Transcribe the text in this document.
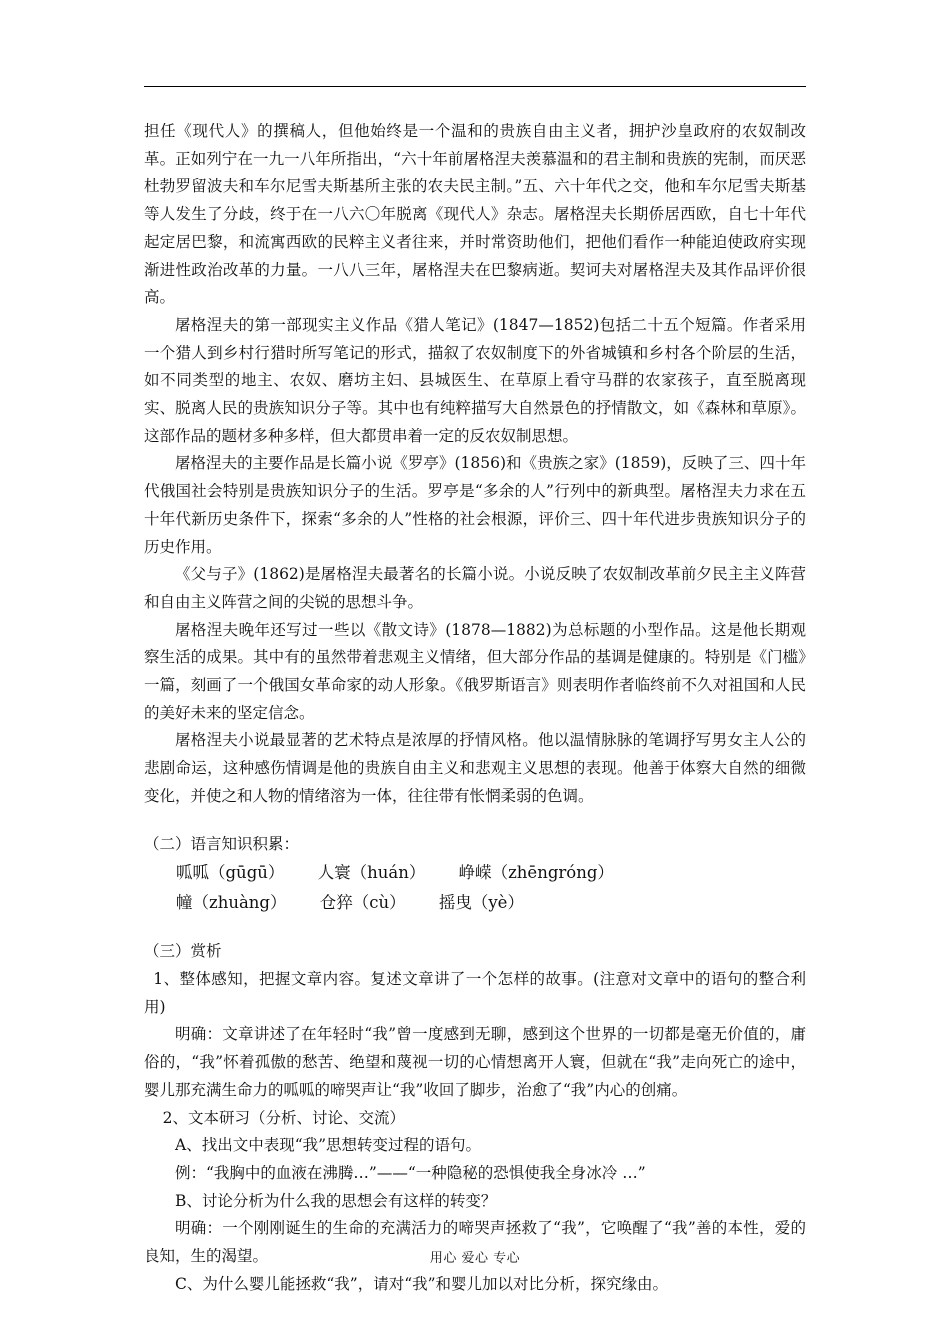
担任《现代人》的撰稿人，但他始终是一个温和的贵族自由主义者，拥护沙皇政府的农奴制改革。正如列宁在一九一八年所指出，“六十年前屠格涅夫羡慕温和的君主制和贵族的宪制，而厌恶杜勃罗留波夫和车尔尼雪夫斯基所主张的农夫民主制。”五、六十年代之交，他和车尔尼雪夫斯基等人发生了分歧，终于在一八六〇年脱离《现代人》杂志。屠格涅夫长期侨居西欧，自七十年代起定居巴黎，和流寓西欧的民粹主义者往来，并时常资助他们，把他们看作一种能迫使政府实现渐进性政治改革的力量。一八八三年，屠格涅夫在巴黎病逝。契诃夫对屠格涅夫及其作品评价很高。

屠格涅夫的第一部现实主义作品《猎人笔记》(1847—1852)包括二十五个短篇。作者采用一个猎人到乡村行猎时所写笔记的形式，描叙了农奴制度下的外省城镇和乡村各个阶层的生活，如不同类型的地主、农奴、磨坊主妇、县城医生、在草原上看守马群的农家孩子，直至脱离现实、脱离人民的贵族知识分子等。其中也有纯粹描写大自然景色的抒情散文，如《森林和草原》。这部作品的题材多种多样，但大都贯串着一定的反农奴制思想。

屠格涅夫的主要作品是长篇小说《罗亭》(1856)和《贵族之家》(1859)，反映了三、四十年代俄国社会特别是贵族知识分子的生活。罗亭是“多余的人”行列中的新典型。屠格涅夫力求在五十年代新历史条件下，探索“多余的人”性格的社会根源，评价三、四十年代进步贵族知识分子的历史作用。

《父与子》(1862)是屠格涅夫最著名的长篇小说。小说反映了农奴制改革前夕民主主义阵营和自由主义阵营之间的尖锐的思想斗争。

屠格涅夫晚年还写过一些以《散文诗》(1878—1882)为总标题的小型作品。这是他长期观察生活的成果。其中有的虽然带着悲观主义情绪，但大部分作品的基调是健康的。特别是《门槛》一篇，刻画了一个俄国女革命家的动人形象。《俄罗斯语言》则表明作者临终前不久对祖国和人民的美好未来的坚定信念。

屠格涅夫小说最显著的艺术特点是浓厚的抒情风格。他以温情脉脉的笔调抒写男女主人公的悲剧命运，这种感伤情调是他的贵族自由主义和悲观主义思想的表现。他善于体察大自然的细微变化，并使之和人物的情绪溶为一体，往往带有怅惘柔弱的色调。

（二）语言知识积累：

呱呱（gūgū） 人寰（huán） 峥嵘（zhēngróng）
幢（zhuàng） 仓猝（cù） 摇曳（yè）

（三）赏析

1、整体感知，把握文章内容。复述文章讲了一个怎样的故事。(注意对文章中的语句的整合利用)

明确：文章讲述了在年轻时“我”曾一度感到无聊，感到这个世界的一切都是毫无价值的，庸俗的，“我”怀着孤傲的愁苦、绝望和蔑视一切的心情想离开人寰，但就在“我”走向死亡的途中，婴儿那充满生命力的呱呱的啼哭声让“我”收回了脚步，治愈了“我”内心的创痛。

2、文本研习（分析、讨论、交流）

A、找出文中表现“我”思想转变过程的语句。

例：“我胸中的血液在沸腾…”——“一种隐秘的恐惧使我全身冰冷 …”

B、讨论分析为什么我的思想会有这样的转变？

明确：一个刚刚诞生的生命的充满活力的啼哭声拯救了“我”，它唤醒了“我”善的本性，爱的良知，生的渴望。

C、为什么婴儿能拯救“我”，请对“我”和婴儿加以对比分析，探究缘由。

用心 爱心 专心
